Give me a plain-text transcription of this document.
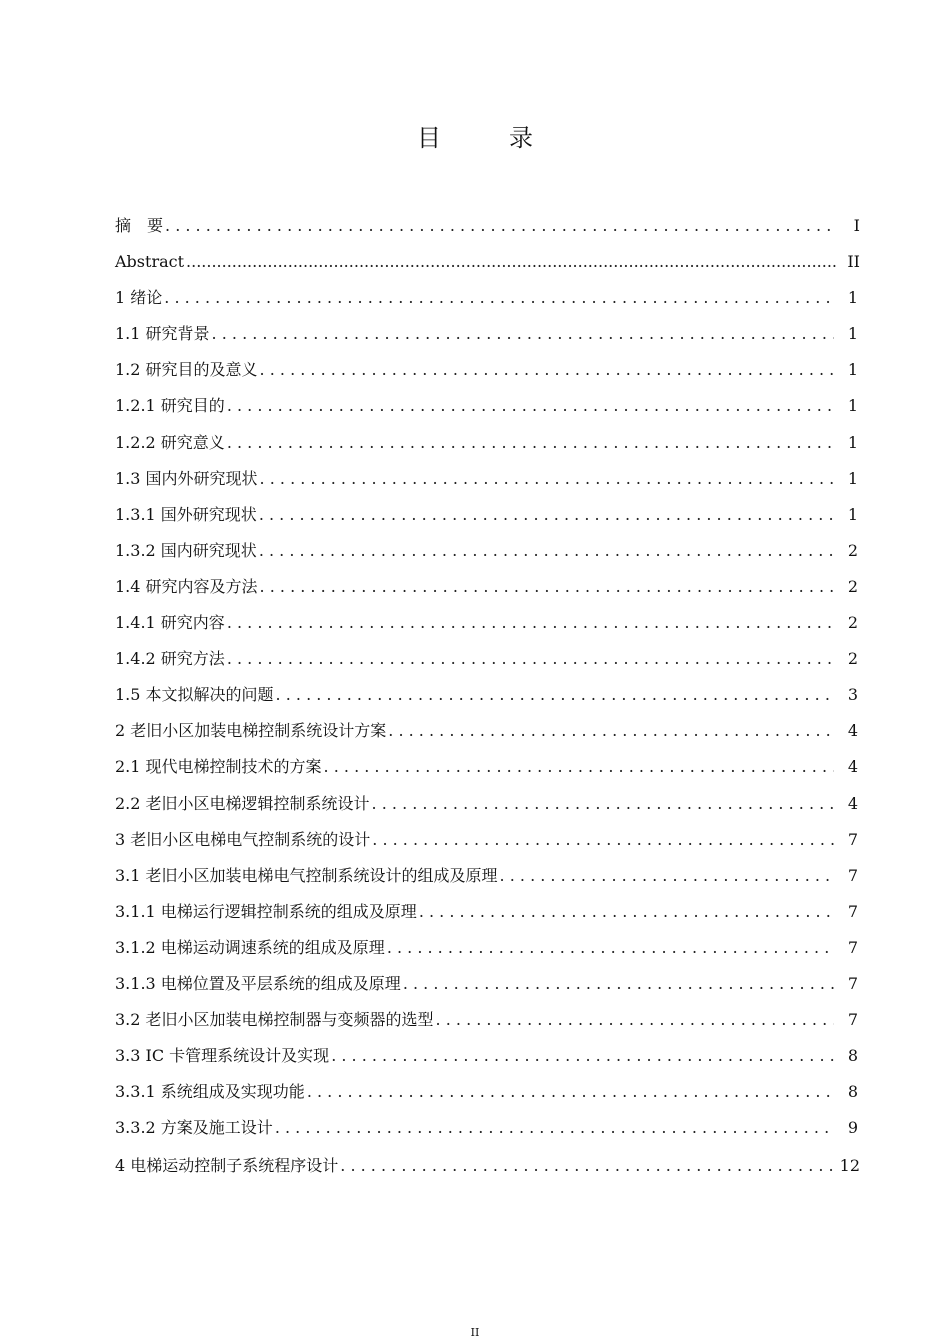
目　录
摘　要 . . .	I
Abstract .....	II
1 绪论 . . .	1
1.1 研究背景 . . .	1
1.2 研究目的及意义 . . .	1
1.2.1 研究目的 . . .	1
1.2.2 研究意义 . . .	1
1.3 国内外研究现状 . . .	1
1.3.1 国外研究现状 . . .	1
1.3.2 国内研究现状 . . .	2
1.4 研究内容及方法 . . .	2
1.4.1 研究内容 . . .	2
1.4.2 研究方法 . . .	2
1.5 本文拟解决的问题 . . .	3
2 老旧小区加装电梯控制系统设计方案 . . .	4
2.1 现代电梯控制技术的方案 . . .	4
2.2 老旧小区电梯逻辑控制系统设计 . . .	4
3 老旧小区电梯电气控制系统的设计 . . .	7
3.1 老旧小区加装电梯电气控制系统设计的组成及原理 . . .	7
3.1.1 电梯运行逻辑控制系统的组成及原理 . . .	7
3.1.2 电梯运动调速系统的组成及原理 . . .	7
3.1.3 电梯位置及平层系统的组成及原理 . . .	7
3.2 老旧小区加装电梯控制器与变频器的选型 . . .	7
3.3 IC 卡管理系统设计及实现 . . .	8
3.3.1 系统组成及实现功能 . . .	8
3.3.2 方案及施工设计 . . .	9
4 电梯运动控制子系统程序设计 . . .	12
II
